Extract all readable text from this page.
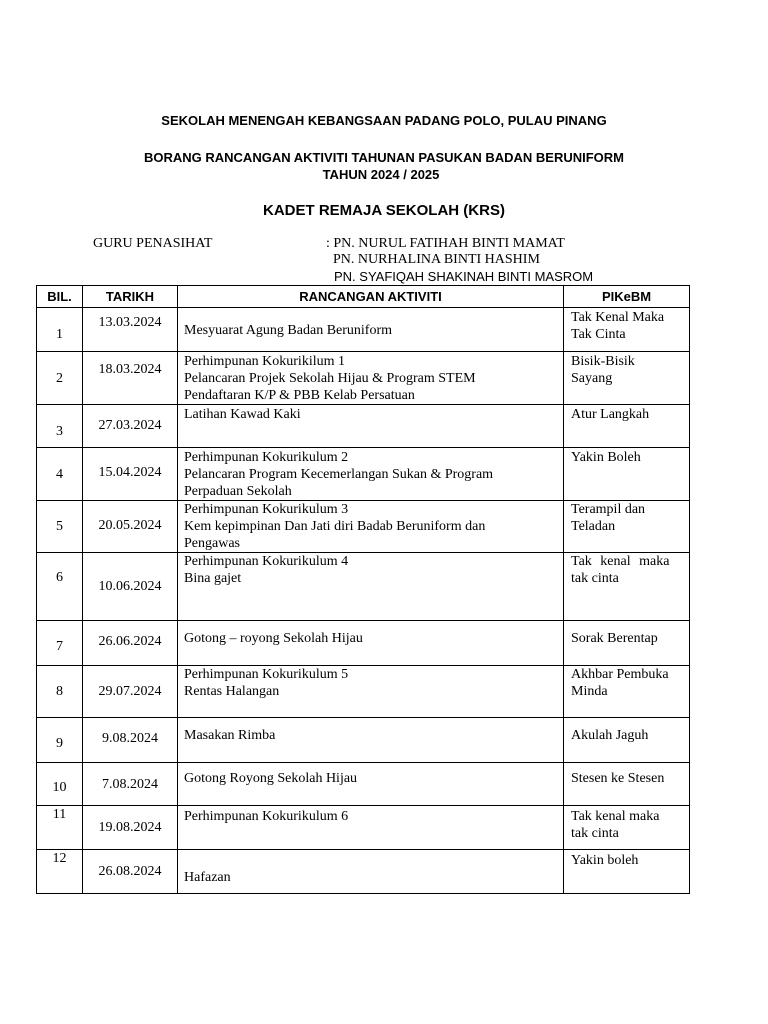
SEKOLAH MENENGAH KEBANGSAAN PADANG POLO, PULAU PINANG
BORANG RANCANGAN AKTIVITI TAHUNAN PASUKAN BADAN BERUNIFORM
TAHUN 2024 / 2025
KADET REMAJA SEKOLAH (KRS)
GURU PENASIHAT	: PN. NURUL FATIHAH BINTI MAMAT
PN. NURHALINA BINTI HASHIM
PN. SYAFIQAH SHAKINAH BINTI MASROM
BIL.	TARIKH	RANCANGAN AKTIVITI	PIKeBM

1	13.03.2024	Mesyuarat Agung Badan Beruniform	Tak Kenal Maka
Tak Cinta

2	18.03.2024	Perhimpunan Kokurikilum 1
Pelancaran Projek Sekolah Hijau & Program STEM
Pendaftaran K/P & PBB Kelab Persatuan	Bisik-Bisik
Sayang

3	27.03.2024	Latihan Kawad Kaki	Atur Langkah

4	15.04.2024	Perhimpunan Kokurikulum 2
Pelancaran Program Kecemerlangan Sukan & Program
Perpaduan Sekolah	Yakin Boleh

5	20.05.2024	Perhimpunan Kokurikulum 3
Kem kepimpinan Dan Jati diri Badab Beruniform dan
Pengawas	Terampil dan
Teladan

6	10.06.2024	Perhimpunan Kokurikulum 4
Bina gajet	Tak kenal maka
tak cinta

7	26.06.2024	Gotong – royong Sekolah Hijau	Sorak Berentap

8	29.07.2024	Perhimpunan Kokurikulum 5
Rentas Halangan	Akhbar Pembuka
Minda

9	9.08.2024	Masakan Rimba	Akulah Jaguh

10	7.08.2024	Gotong Royong Sekolah Hijau	Stesen ke Stesen

11	19.08.2024	Perhimpunan Kokurikulum 6	Tak kenal maka
tak cinta

12	26.08.2024	Hafazan	Yakin boleh
